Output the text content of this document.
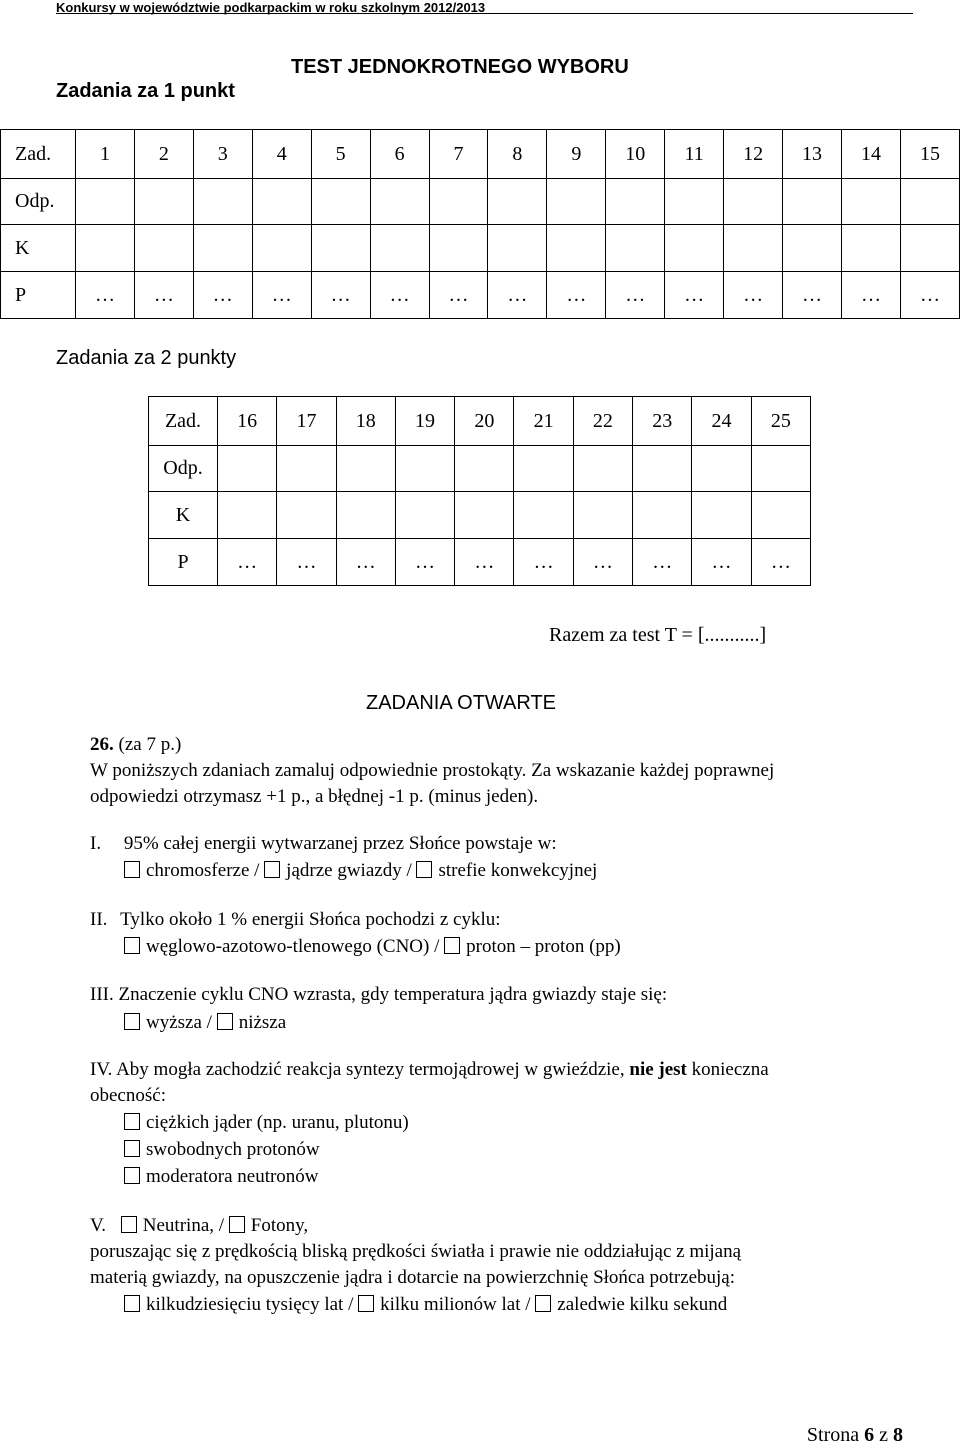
Konkursy w województwie podkarpackim w roku szkolnym 2012/2013
Zadania za 1 punkt
TEST JEDNOKROTNEGO WYBORU
Zad.	1	2	3	4	5	6	7	8	9	10	11	12	13	14	15
Odp.															
K															
P	…	…	…	…	…	…	…	…	…	…	…	…	…	…	…
Zadania za 2 punkty
Zad.	16	17	18	19	20	21	22	23	24	25
Odp.										
K										
P	…	…	…	…	…	…	…	…	…	…
Razem za test T = [...........]
ZADANIA OTWARTE
26. (za 7 p.)
W poniższych zdaniach zamaluj odpowiednie prostokąty. Za wskazanie każdej poprawnej
odpowiedzi otrzymasz +1 p., a błędnej -1 p. (minus jeden).
I. 95% całej energii wytwarzanej przez Słońce powstaje w:
chromosferze / jądrze gwiazdy / strefie konwekcyjnej
II. Tylko około 1 % energii Słońca pochodzi z cyklu:
węglowo-azotowo-tlenowego (CNO) / proton – proton (pp)
III. Znaczenie cyklu CNO wzrasta, gdy temperatura jądra gwiazdy staje się:
wyższa / niższa
IV. Aby mogła zachodzić reakcja syntezy termojądrowej w gwieździe, nie jest konieczna
obecność:
ciężkich jąder (np. uranu, plutonu)
swobodnych protonów
moderatora neutronów
V. Neutrina, / Fotony,
poruszając się z prędkością bliską prędkości światła i prawie nie oddziałując z mijaną
materią gwiazdy, na opuszczenie jądra i dotarcie na powierzchnię Słońca potrzebują:
kilkudziesięciu tysięcy lat / kilku milionów lat / zaledwie kilku sekund
Strona 6 z 8
